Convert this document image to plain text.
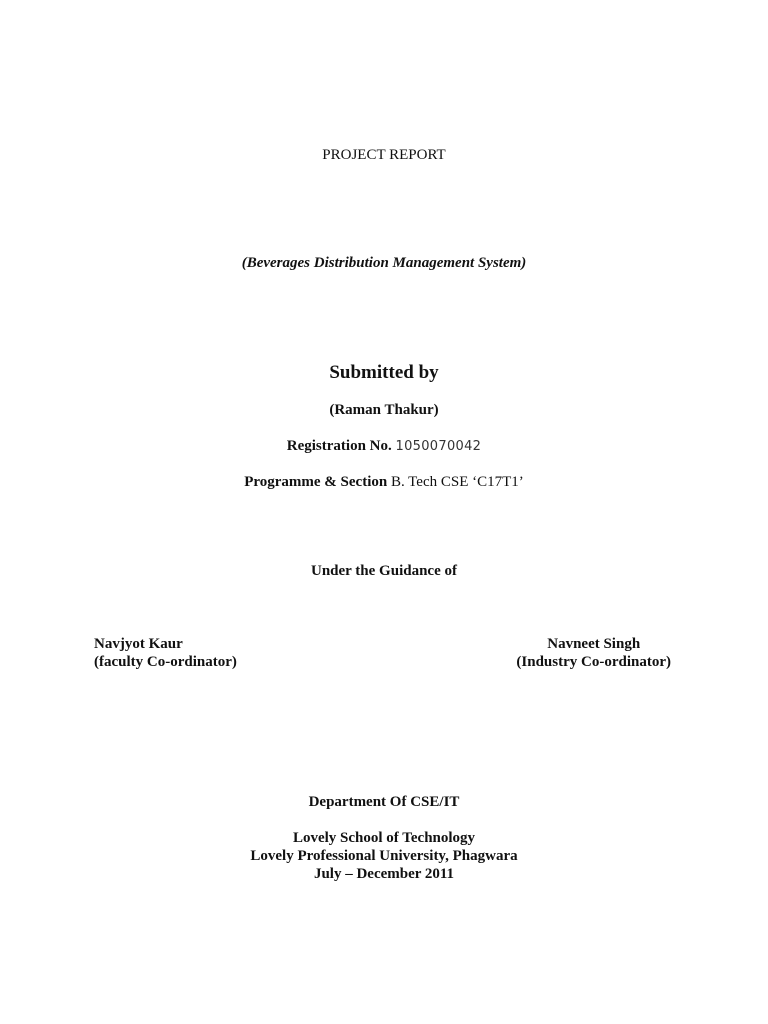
PROJECT REPORT
(Beverages Distribution Management System)
Submitted by
(Raman Thakur)
Registration No. 1050070042
Programme & Section B. Tech CSE ‘C17T1’
Under the Guidance of
Navjyot Kaur
(faculty Co-ordinator)
Navneet Singh
(Industry Co-ordinator)
Department Of CSE/IT
Lovely School of Technology
Lovely Professional University, Phagwara
July – December 2011
